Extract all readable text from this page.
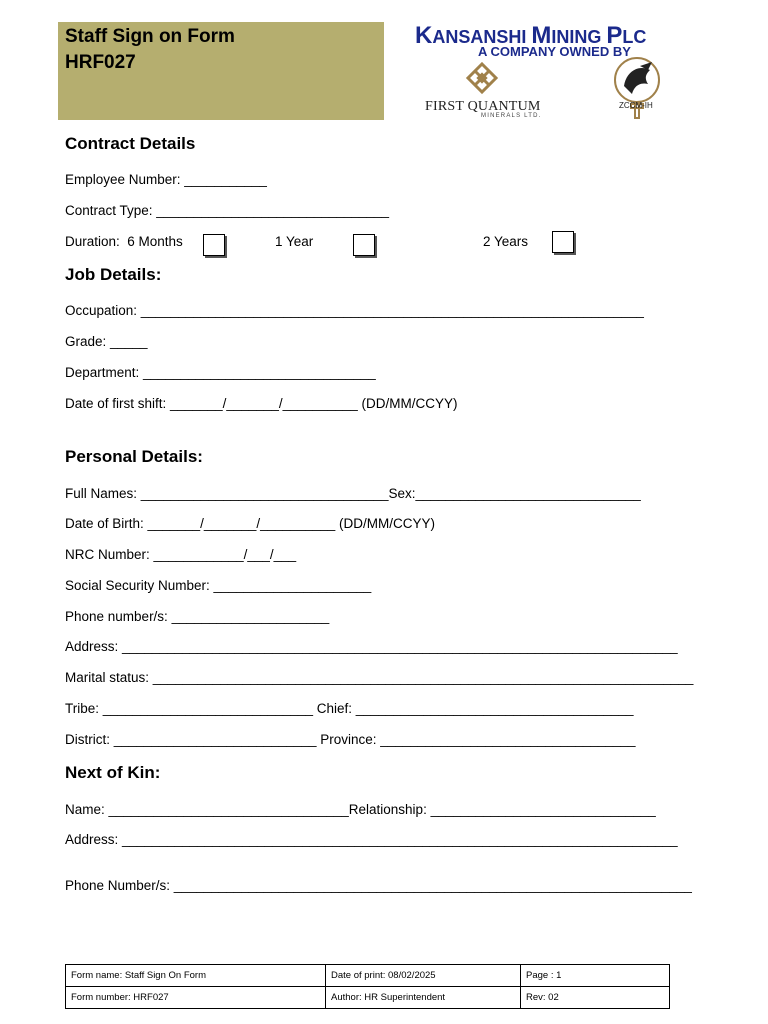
Staff Sign on Form
HRF027
KANSANSHI MINING PLC
A COMPANY OWNED BY
FIRST QUANTUM
MINERALS LTD.
ZCCM-IH
Contract Details
Employee Number: ___________
Contract Type: _______________________________
Duration:  6 Months	1 Year	2 Years
Job Details:
Occupation: ___________________________________________________________________
Grade: _____
Department: _______________________________
Date of first shift: _______/_______/__________ (DD/MM/CCYY)
Personal Details:
Full Names: _________________________________Sex:______________________________
Date of Birth: _______/_______/__________ (DD/MM/CCYY)
NRC Number: ____________/___/___
Social Security Number: _____________________
Phone number/s: _____________________
Address: __________________________________________________________________________
Marital status: ________________________________________________________________________
Tribe: ____________________________ Chief: _____________________________________
District: ___________________________ Province: __________________________________
Next of Kin:
Name: ________________________________Relationship: ______________________________
Address: __________________________________________________________________________
Phone Number/s: _____________________________________________________________________
Form name: Staff Sign On Form	Date of print: 08/02/2025	Page : 1
Form number: HRF027	Author: HR Superintendent	Rev: 02
